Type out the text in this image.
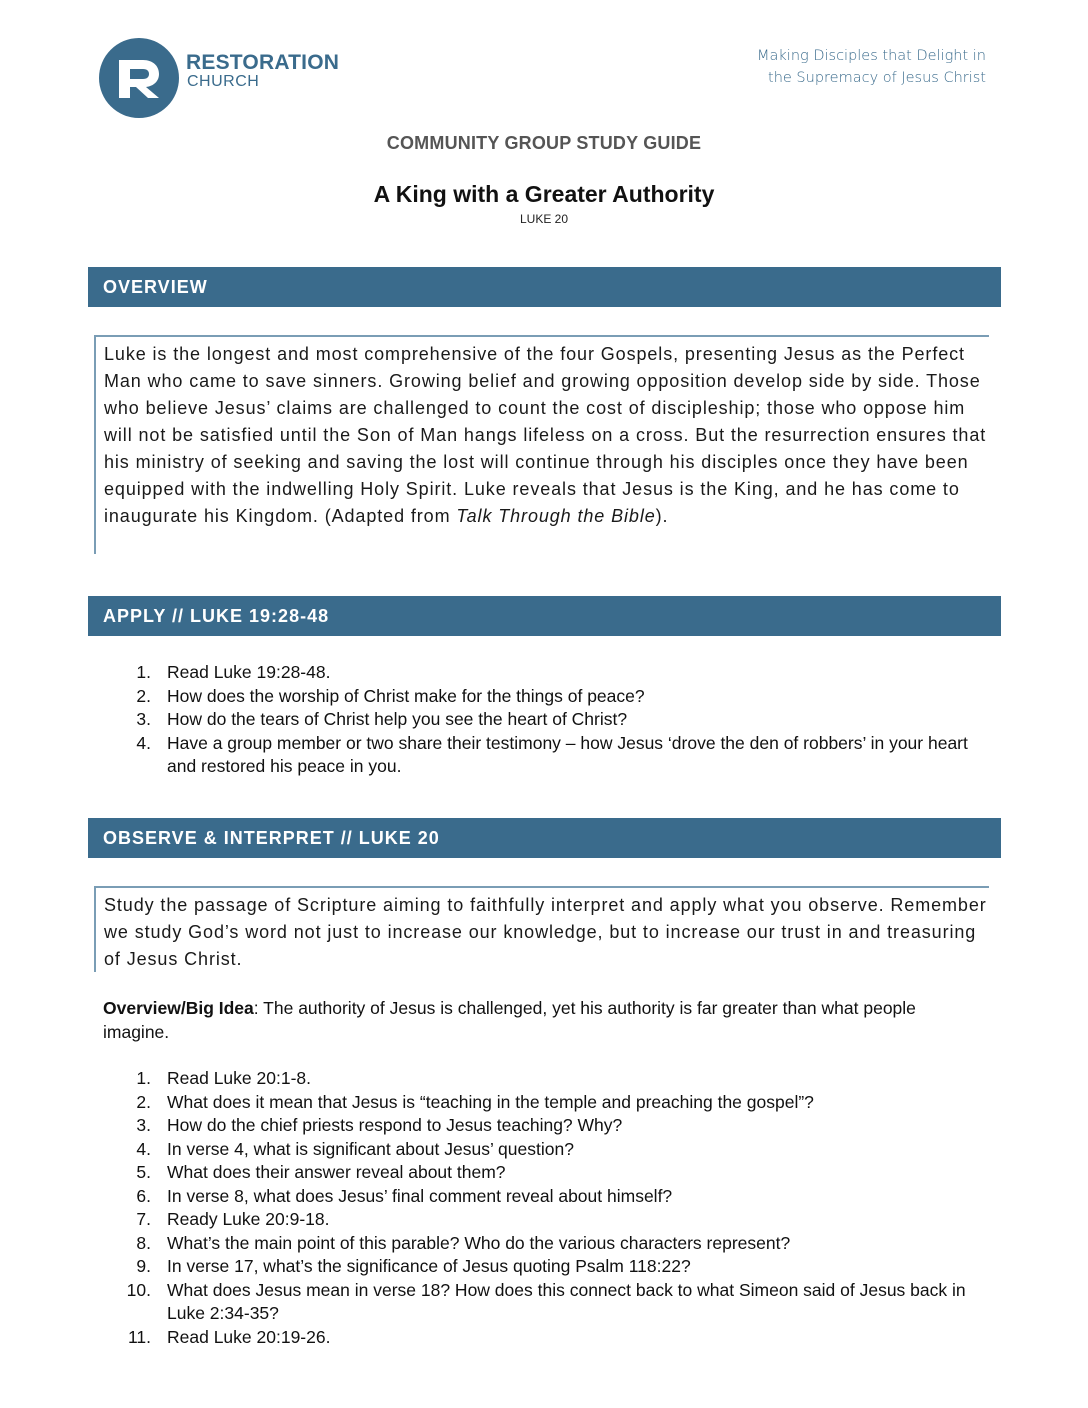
RESTORATION
CHURCH
Making Disciples that Delight in
the Supremacy of Jesus Christ
COMMUNITY GROUP STUDY GUIDE
A King with a Greater Authority
LUKE 20
OVERVIEW
Luke is the longest and most comprehensive of the four Gospels, presenting Jesus as the Perfect Man who came to save sinners. Growing belief and growing opposition develop side by side. Those who believe Jesus’ claims are challenged to count the cost of discipleship; those who oppose him will not be satisfied until the Son of Man hangs lifeless on a cross. But the resurrection ensures that his ministry of seeking and saving the lost will continue through his disciples once they have been equipped with the indwelling Holy Spirit. Luke reveals that Jesus is the King, and he has come to inaugurate his Kingdom. (Adapted from Talk Through the Bible).
APPLY // LUKE 19:28-48
1. Read Luke 19:28-48.
2. How does the worship of Christ make for the things of peace?
3. How do the tears of Christ help you see the heart of Christ?
4. Have a group member or two share their testimony – how Jesus ‘drove the den of robbers’ in your heart and restored his peace in you.
OBSERVE & INTERPRET // LUKE 20
Study the passage of Scripture aiming to faithfully interpret and apply what you observe. Remember we study God’s word not just to increase our knowledge, but to increase our trust in and treasuring of Jesus Christ.
Overview/Big Idea: The authority of Jesus is challenged, yet his authority is far greater than what people imagine.
1. Read Luke 20:1-8.
2. What does it mean that Jesus is “teaching in the temple and preaching the gospel”?
3. How do the chief priests respond to Jesus teaching? Why?
4. In verse 4, what is significant about Jesus’ question?
5. What does their answer reveal about them?
6. In verse 8, what does Jesus’ final comment reveal about himself?
7. Ready Luke 20:9-18.
8. What’s the main point of this parable? Who do the various characters represent?
9. In verse 17, what’s the significance of Jesus quoting Psalm 118:22?
10. What does Jesus mean in verse 18? How does this connect back to what Simeon said of Jesus back in Luke 2:34-35?
11. Read Luke 20:19-26.
